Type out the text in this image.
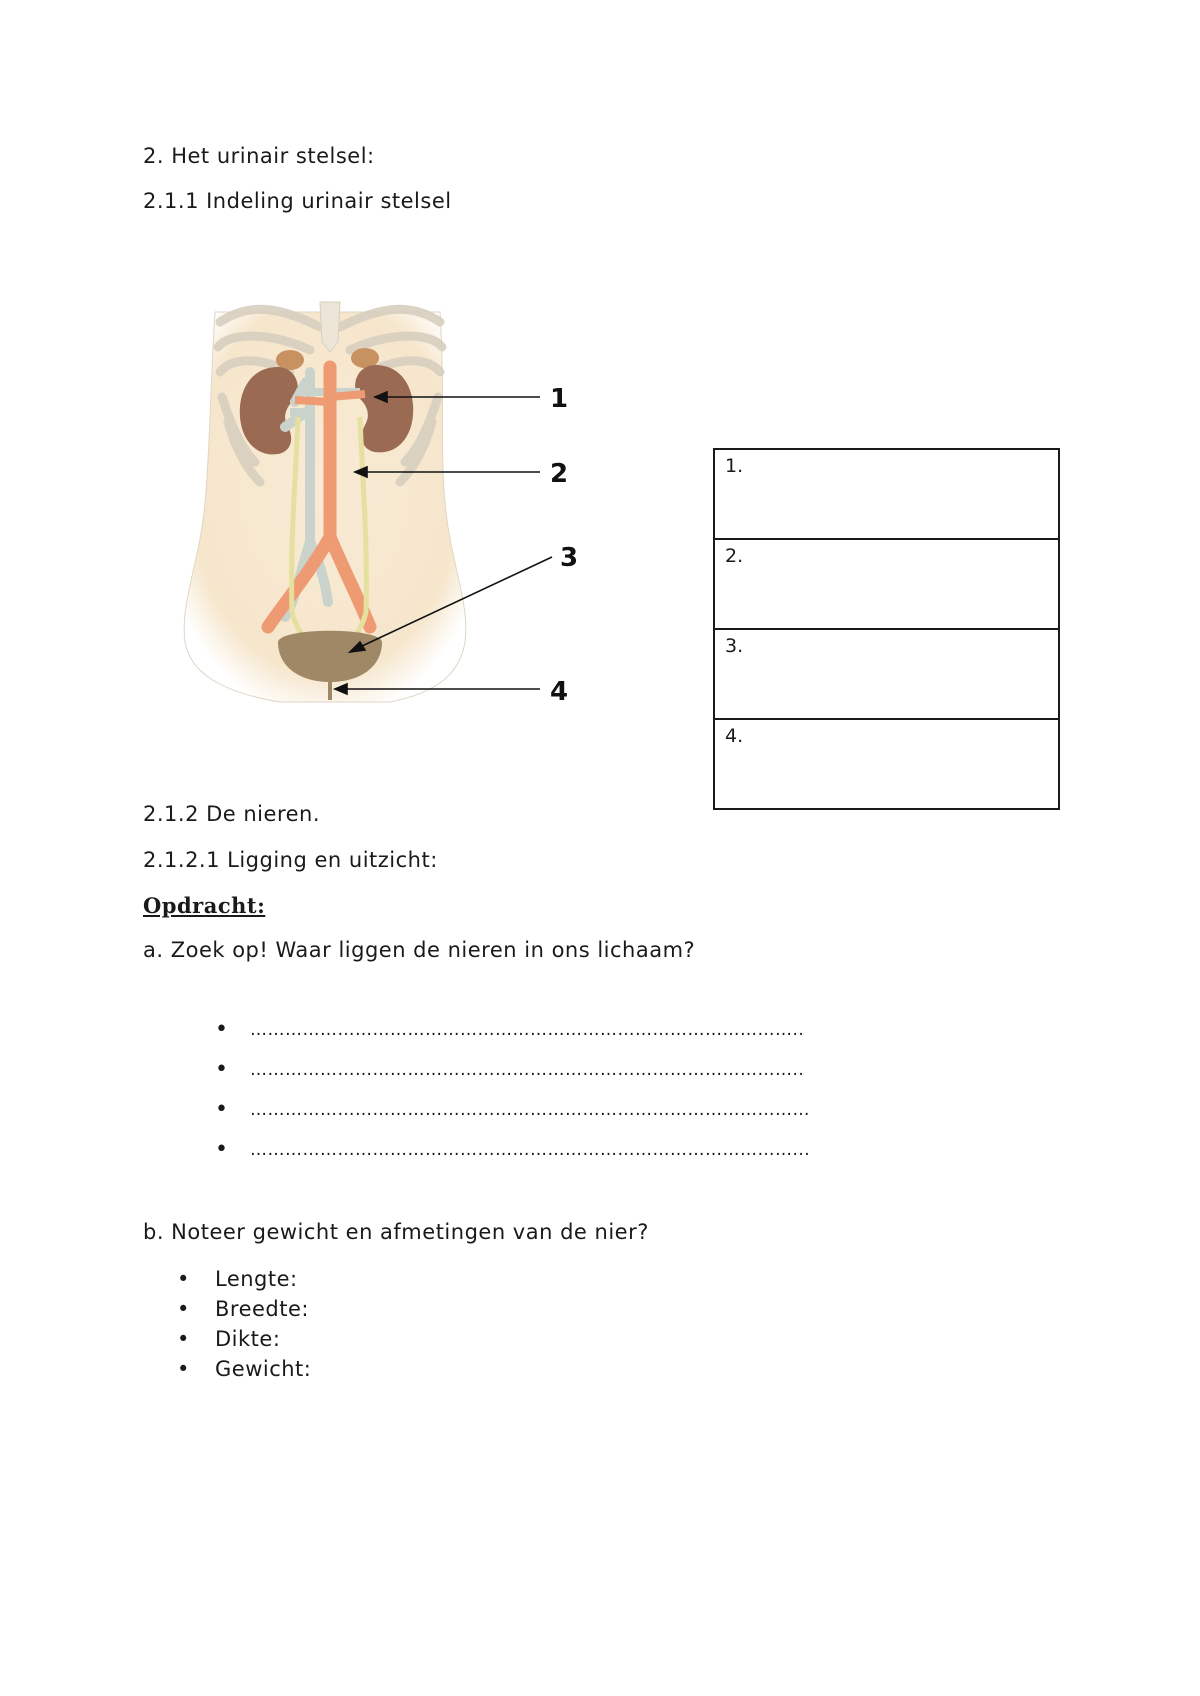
2. Het urinair stelsel:
2.1.1 Indeling urinair stelsel
1
2
3
4
1.
2.
3.
4.
2.1.2 De nieren.
2.1.2.1 Ligging en uitzicht:
Opdracht:
a. Zoek op! Waar liggen de nieren in ons lichaam?
• …………………………………………………………………………………..
• …………………………………………………………………………………..
• ……………………………………………………………………………………
• …………………………………………………………………………………...
b. Noteer gewicht en afmetingen van de nier?
• Lengte:
• Breedte:
• Dikte:
• Gewicht:
